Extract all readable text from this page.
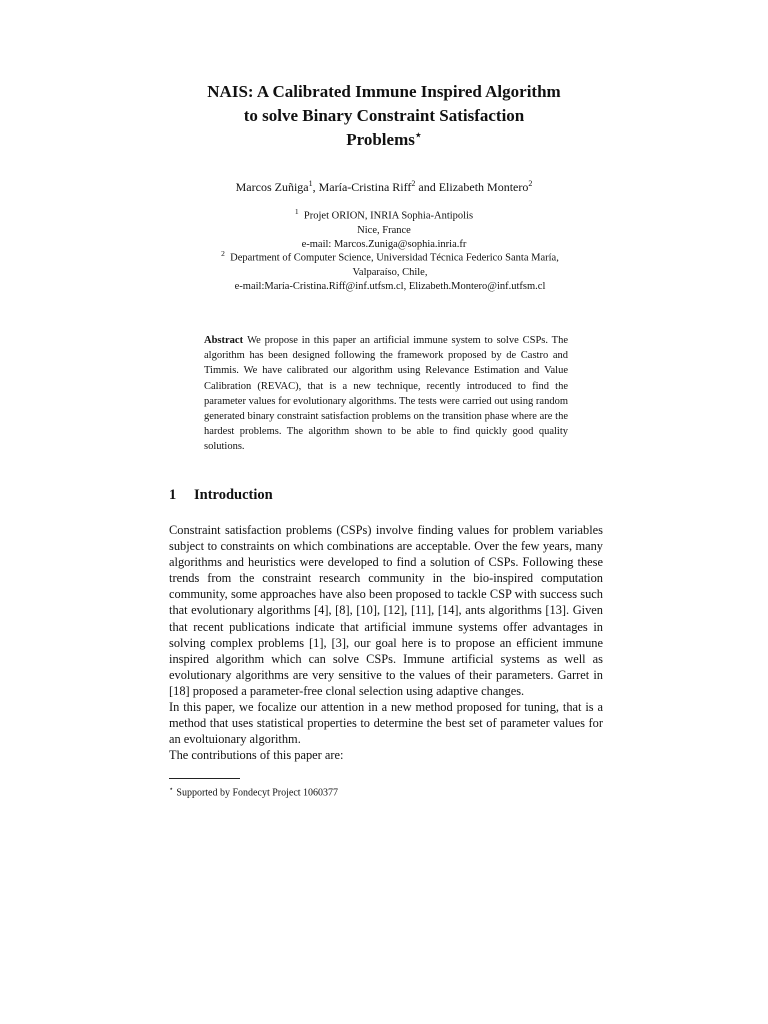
NAIS: A Calibrated Immune Inspired Algorithm
to solve Binary Constraint Satisfaction
Problems⋆
Marcos Zuñiga$^1$, María-Cristina Riff$^2$ and Elizabeth Montero$^2$
$^1$ Projet ORION, INRIA Sophia-Antipolis
Nice, France
e-mail: Marcos.Zuniga@sophia.inria.fr
$^2$ Department of Computer Science, Universidad Técnica Federico Santa María,
Valparaíso, Chile,
e-mail:María-Cristina.Riff@inf.utfsm.cl, Elizabeth.Montero@inf.utfsm.cl
Abstract We propose in this paper an artificial immune system to solve CSPs. The algorithm has been designed following the framework proposed by de Castro and Timmis. We have calibrated our algorithm using Relevance Estimation and Value Calibration (REVAC), that is a new technique, recently introduced to find the parameter values for evolutionary algorithms. The tests were carried out using random generated binary constraint satisfaction problems on the transition phase where are the hardest problems. The algorithm shown to be able to find quickly good quality solutions.
1 Introduction

Constraint satisfaction problems (CSPs) involve finding values for problem variables subject to constraints on which combinations are acceptable. Over the few years, many algorithms and heuristics were developed to find a solution of CSPs. Following these trends from the constraint research community in the bio-inspired computation community, some approaches have also been proposed to tackle CSP with success such that evolutionary algorithms [4], [8], [10], [12], [11], [14], ants algorithms [13]. Given that recent publications indicate that artificial immune systems offer advantages in solving complex problems [1], [3], our goal here is to propose an efficient immune inspired algorithm which can solve CSPs. Immune artificial systems as well as evolutionary algorithms are very sensitive to the values of their parameters. Garret in [18] proposed a parameter-free clonal selection using adaptive changes.

In this paper, we focalize our attention in a new method proposed for tuning, that is a method that uses statistical properties to determine the best set of parameter values for an evoltuionary algorithm.

The contributions of this paper are:

⋆ Supported by Fondecyt Project 1060377
